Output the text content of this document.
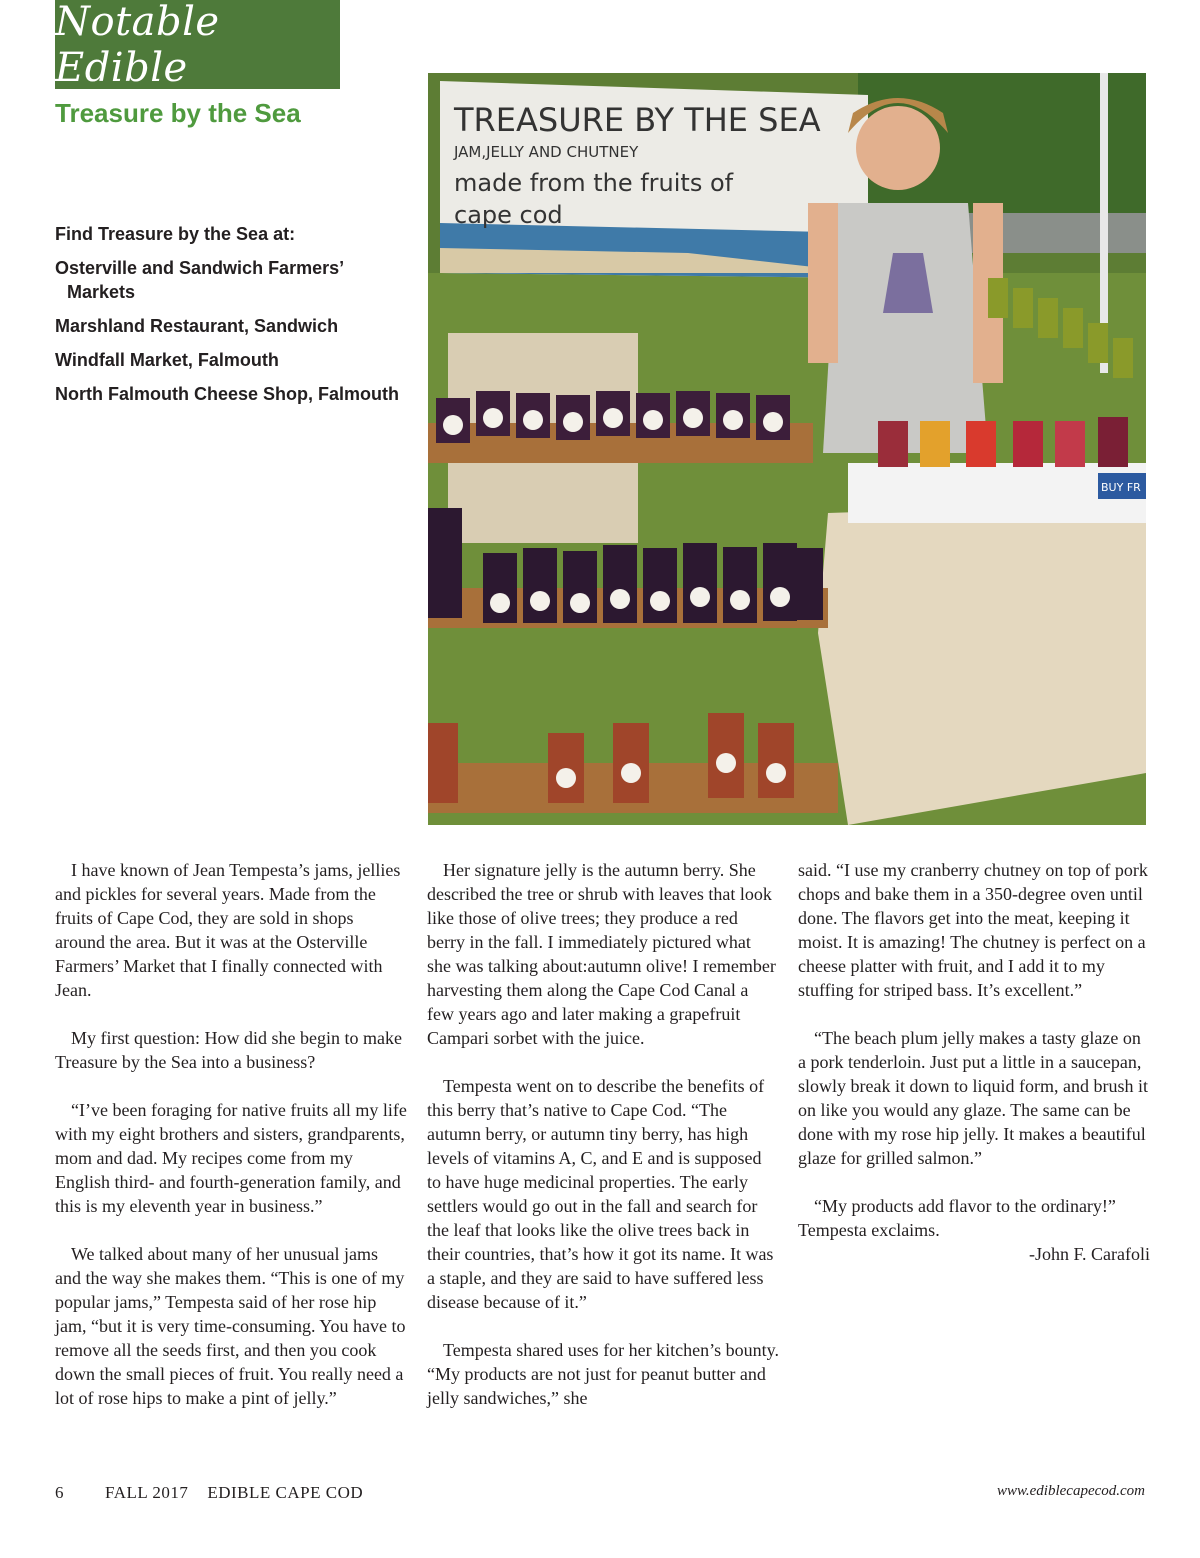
Notable Edible
Treasure by the Sea
Find Treasure by the Sea at:
Osterville and Sandwich Farmers’ Markets
Marshland Restaurant, Sandwich
Windfall Market, Falmouth
North Falmouth Cheese Shop, Falmouth
TREASURE BY THE SEA
JAM,JELLY AND CHUTNEY
made from the fruits of
cape cod
BUY FR

I have known of Jean Tempesta’s jams, jellies and pickles for several years. Made from the fruits of Cape Cod, they are sold in shops around the area. But it was at the Osterville Farmers’ Market that I finally connected with Jean.

My first question: How did she begin to make Treasure by the Sea into a business?

“I’ve been foraging for native fruits all my life with my eight brothers and sisters, grandparents, mom and dad. My recipes come from my English third- and fourth-generation family, and this is my eleventh year in business.”

We talked about many of her unusual jams and the way she makes them. “This is one of my popular jams,” Tempesta said of her rose hip jam, “but it is very time-consuming. You have to remove all the seeds first, and then you cook down the small pieces of fruit. You really need a lot of rose hips to make a pint of jelly.”

Her signature jelly is the autumn berry. She described the tree or shrub with leaves that look like those of olive trees; they produce a red berry in the fall. I immediately pictured what she was talking about:autumn olive! I remember harvesting them along the Cape Cod Canal a few years ago and later making a grapefruit Campari sorbet with the juice.

Tempesta went on to describe the benefits of this berry that’s native to Cape Cod. “The autumn berry, or autumn tiny berry, has high levels of vitamins A, C, and E and is supposed to have huge medicinal properties. The early settlers would go out in the fall and search for the leaf that looks like the olive trees back in their countries, that’s how it got its name. It was a staple, and they are said to have suffered less disease because of it.”

Tempesta shared uses for her kitchen’s bounty. “My products are not just for peanut butter and jelly sandwiches,” she

said. “I use my cranberry chutney on top of pork chops and bake them in a 350-degree oven until done. The flavors get into the meat, keeping it moist. It is amazing! The chutney is perfect on a cheese platter with fruit, and I add it to my stuffing for striped bass. It’s excellent.”

“The beach plum jelly makes a tasty glaze on a pork tenderloin. Just put a little in a saucepan, slowly break it down to liquid form, and brush it on like you would any glaze. The same can be done with my rose hip jelly. It makes a beautiful glaze for grilled salmon.”

“My products add flavor to the ordinary!” Tempesta exclaims.

-John F. Carafoli

6 FALL 2017    EDIBLE CAPE COD	www.ediblecapecod.com
